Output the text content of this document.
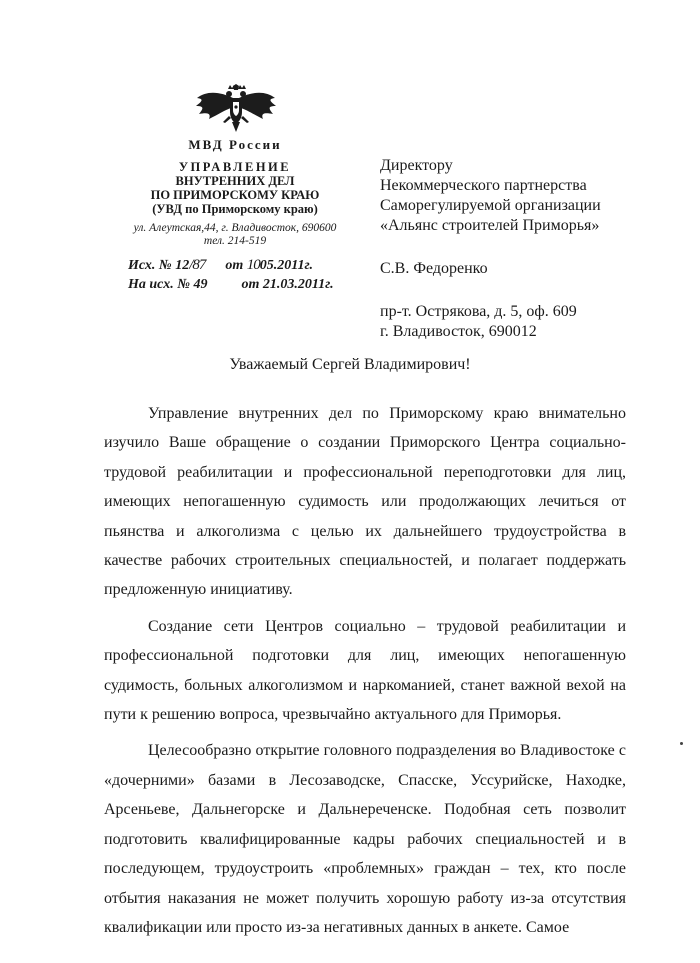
МВД России
УПРАВЛЕНИЕ
ВНУТРЕННИХ ДЕЛ
ПО ПРИМОРСКОМУ КРАЮ
(УВД по Приморскому краю)
ул. Алеутская,44, г. Владивосток, 690600
тел. 214-519
Исх. № 12/87 от 1005.2011г.
На исх. № 49 от 21.03.2011г.
Директору
Некоммерческого партнерства
Саморегулируемой организации
«Альянс строителей Приморья»
С.В. Федоренко
пр-т. Острякова, д. 5, оф. 609
г. Владивосток, 690012
Уважаемый Сергей Владимирович!

Управление внутренних дел по Приморскому краю внимательно изучило Ваше обращение о создании Приморского Центра социально-трудовой реабилитации и профессиональной переподготовки для лиц, имеющих непогашенную судимость или продолжающих лечиться от пьянства и алкоголизма с целью их дальнейшего трудоустройства в качестве рабочих строительных специальностей, и полагает поддержать предложенную инициативу.

Создание сети Центров социально – трудовой реабилитации и профессиональной подготовки для лиц, имеющих непогашенную судимость, больных алкоголизмом и наркоманией, станет важной вехой на пути к решению вопроса, чрезвычайно актуального для Приморья.

Целесообразно открытие головного подразделения во Владивостоке с «дочерними» базами в Лесозаводске, Спасске, Уссурийске, Находке, Арсеньеве, Дальнегорске и Дальнереченске. Подобная сеть позволит подготовить квалифицированные кадры рабочих специальностей и в последующем, трудоустроить «проблемных» граждан – тех, кто после отбытия наказания не может получить хорошую работу из-за отсутствия квалификации или просто из-за негативных данных в анкете. Самое
